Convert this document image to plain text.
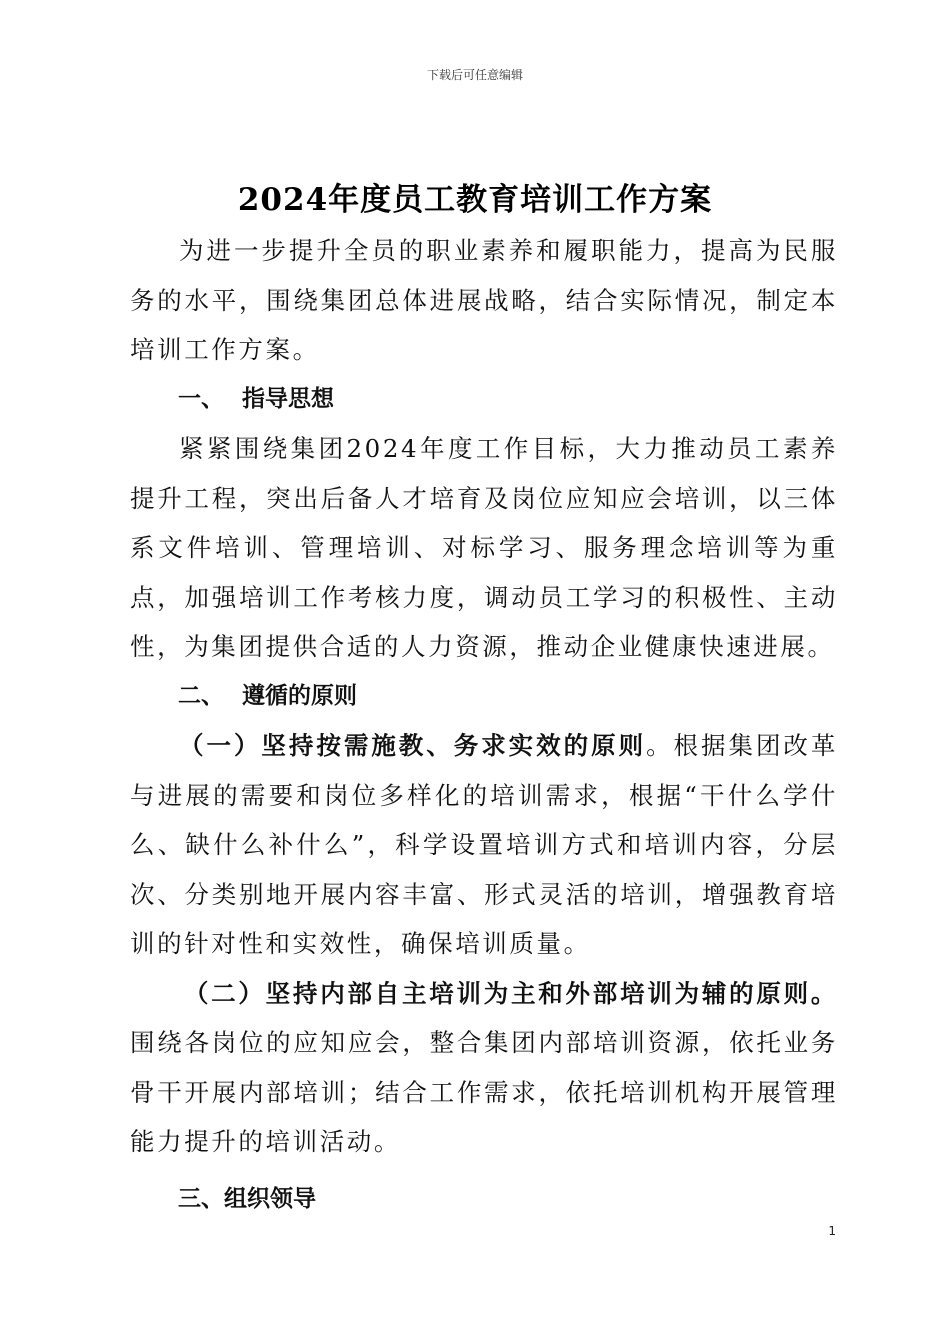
下载后可任意编辑
2024年度员工教育培训工作方案

为进一步提升全员的职业素养和履职能力，提高为民服务的水平，围绕集团总体进展战略，结合实际情况，制定本培训工作方案。

一、 指导思想

紧紧围绕集团2024年度工作目标，大力推动员工素养提升工程，突出后备人才培育及岗位应知应会培训，以三体系文件培训、管理培训、对标学习、服务理念培训等为重点，加强培训工作考核力度，调动员工学习的积极性、主动性，为集团提供合适的人力资源，推动企业健康快速进展。

二、 遵循的原则

（一）坚持按需施教、务求实效的原则。根据集团改革与进展的需要和岗位多样化的培训需求，根据“干什么学什么、缺什么补什么”，科学设置培训方式和培训内容，分层次、分类别地开展内容丰富、形式灵活的培训，增强教育培训的针对性和实效性，确保培训质量。

（二）坚持内部自主培训为主和外部培训为辅的原则。围绕各岗位的应知应会，整合集团内部培训资源，依托业务骨干开展内部培训；结合工作需求，依托培训机构开展管理能力提升的培训活动。

三、组织领导

1
